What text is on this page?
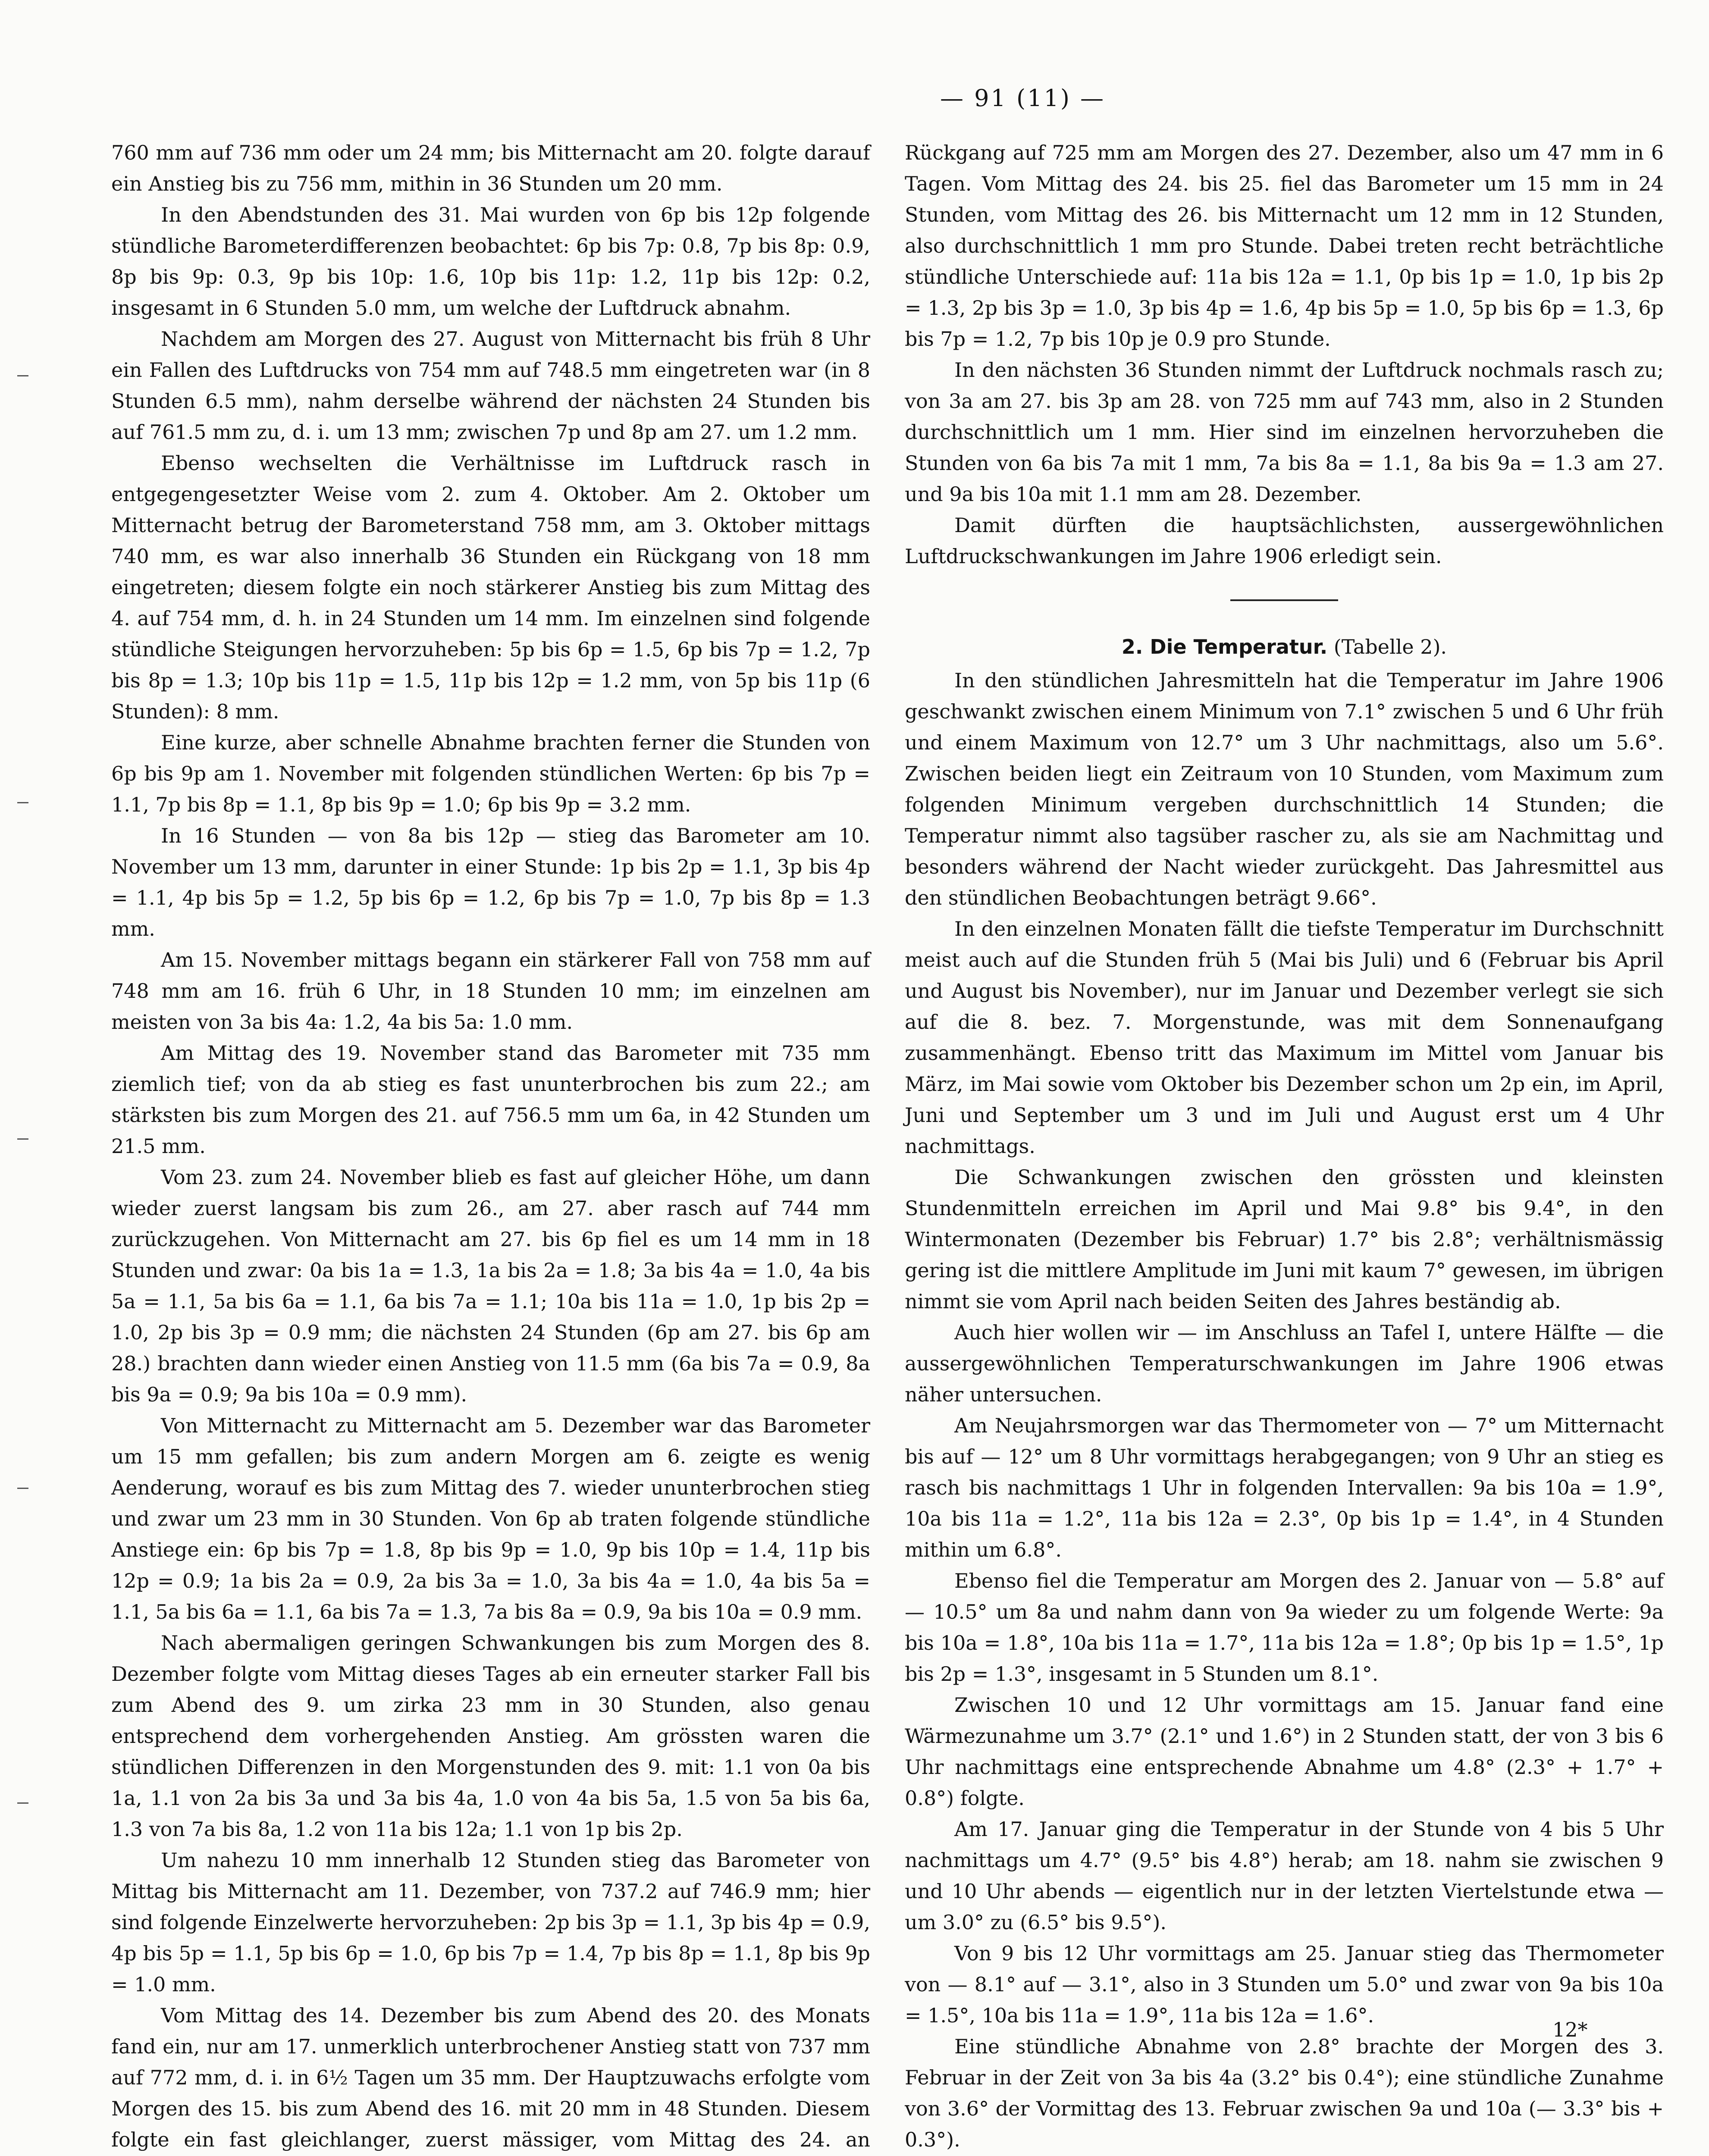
— 91 (11) —

760 mm auf 736 mm oder um 24 mm; bis Mitternacht am 20. folgte darauf ein Anstieg bis zu 756 mm, mithin in 36 Stunden um 20 mm.

In den Abendstunden des 31. Mai wurden von 6p bis 12p folgende stündliche Barometerdifferenzen beobachtet: 6p bis 7p: 0.8, 7p bis 8p: 0.9, 8p bis 9p: 0.3, 9p bis 10p: 1.6, 10p bis 11p: 1.2, 11p bis 12p: 0.2, insgesamt in 6 Stunden 5.0 mm, um welche der Luftdruck abnahm.

Nachdem am Morgen des 27. August von Mitternacht bis früh 8 Uhr ein Fallen des Luftdrucks von 754 mm auf 748.5 mm eingetreten war (in 8 Stunden 6.5 mm), nahm derselbe während der nächsten 24 Stunden bis auf 761.5 mm zu, d. i. um 13 mm; zwischen 7p und 8p am 27. um 1.2 mm.

Ebenso wechselten die Verhältnisse im Luftdruck rasch in entgegengesetzter Weise vom 2. zum 4. Oktober. Am 2. Oktober um Mitternacht betrug der Barometerstand 758 mm, am 3. Oktober mittags 740 mm, es war also innerhalb 36 Stunden ein Rückgang von 18 mm eingetreten; diesem folgte ein noch stärkerer Anstieg bis zum Mittag des 4. auf 754 mm, d. h. in 24 Stunden um 14 mm. Im einzelnen sind folgende stündliche Steigungen hervorzuheben: 5p bis 6p = 1.5, 6p bis 7p = 1.2, 7p bis 8p = 1.3; 10p bis 11p = 1.5, 11p bis 12p = 1.2 mm, von 5p bis 11p (6 Stunden): 8 mm.

Eine kurze, aber schnelle Abnahme brachten ferner die Stunden von 6p bis 9p am 1. November mit folgenden stündlichen Werten: 6p bis 7p = 1.1, 7p bis 8p = 1.1, 8p bis 9p = 1.0; 6p bis 9p = 3.2 mm.

In 16 Stunden — von 8a bis 12p — stieg das Barometer am 10. November um 13 mm, darunter in einer Stunde: 1p bis 2p = 1.1, 3p bis 4p = 1.1, 4p bis 5p = 1.2, 5p bis 6p = 1.2, 6p bis 7p = 1.0, 7p bis 8p = 1.3 mm.

Am 15. November mittags begann ein stärkerer Fall von 758 mm auf 748 mm am 16. früh 6 Uhr, in 18 Stunden 10 mm; im einzelnen am meisten von 3a bis 4a: 1.2, 4a bis 5a: 1.0 mm.

Am Mittag des 19. November stand das Barometer mit 735 mm ziemlich tief; von da ab stieg es fast ununterbrochen bis zum 22.; am stärksten bis zum Morgen des 21. auf 756.5 mm um 6a, in 42 Stunden um 21.5 mm.

Vom 23. zum 24. November blieb es fast auf gleicher Höhe, um dann wieder zuerst langsam bis zum 26., am 27. aber rasch auf 744 mm zurückzugehen. Von Mitternacht am 27. bis 6p fiel es um 14 mm in 18 Stunden und zwar: 0a bis 1a = 1.3, 1a bis 2a = 1.8; 3a bis 4a = 1.0, 4a bis 5a = 1.1, 5a bis 6a = 1.1, 6a bis 7a = 1.1; 10a bis 11a = 1.0, 1p bis 2p = 1.0, 2p bis 3p = 0.9 mm; die nächsten 24 Stunden (6p am 27. bis 6p am 28.) brachten dann wieder einen Anstieg von 11.5 mm (6a bis 7a = 0.9, 8a bis 9a = 0.9; 9a bis 10a = 0.9 mm).

Von Mitternacht zu Mitternacht am 5. Dezember war das Barometer um 15 mm gefallen; bis zum andern Morgen am 6. zeigte es wenig Aenderung, worauf es bis zum Mittag des 7. wieder ununterbrochen stieg und zwar um 23 mm in 30 Stunden. Von 6p ab traten folgende stündliche Anstiege ein: 6p bis 7p = 1.8, 8p bis 9p = 1.0, 9p bis 10p = 1.4, 11p bis 12p = 0.9; 1a bis 2a = 0.9, 2a bis 3a = 1.0, 3a bis 4a = 1.0, 4a bis 5a = 1.1, 5a bis 6a = 1.1, 6a bis 7a = 1.3, 7a bis 8a = 0.9, 9a bis 10a = 0.9 mm.

Nach abermaligen geringen Schwankungen bis zum Morgen des 8. Dezember folgte vom Mittag dieses Tages ab ein erneuter starker Fall bis zum Abend des 9. um zirka 23 mm in 30 Stunden, also genau entsprechend dem vorhergehenden Anstieg. Am grössten waren die stündlichen Differenzen in den Morgenstunden des 9. mit: 1.1 von 0a bis 1a, 1.1 von 2a bis 3a und 3a bis 4a, 1.0 von 4a bis 5a, 1.5 von 5a bis 6a, 1.3 von 7a bis 8a, 1.2 von 11a bis 12a; 1.1 von 1p bis 2p.

Um nahezu 10 mm innerhalb 12 Stunden stieg das Barometer von Mittag bis Mitternacht am 11. Dezember, von 737.2 auf 746.9 mm; hier sind folgende Einzelwerte hervorzuheben: 2p bis 3p = 1.1, 3p bis 4p = 0.9, 4p bis 5p = 1.1, 5p bis 6p = 1.0, 6p bis 7p = 1.4, 7p bis 8p = 1.1, 8p bis 9p = 1.0 mm.

Vom Mittag des 14. Dezember bis zum Abend des 20. des Monats fand ein, nur am 17. unmerklich unterbrochener Anstieg statt von 737 mm auf 772 mm, d. i. in 6½ Tagen um 35 mm. Der Hauptzuwachs erfolgte vom Morgen des 15. bis zum Abend des 16. mit 20 mm in 48 Stunden. Diesem folgte ein fast gleichlanger, zuerst mässiger, vom Mittag des 24. an

Rückgang auf 725 mm am Morgen des 27. Dezember, also um 47 mm in 6 Tagen. Vom Mittag des 24. bis 25. fiel das Barometer um 15 mm in 24 Stunden, vom Mittag des 26. bis Mitternacht um 12 mm in 12 Stunden, also durchschnittlich 1 mm pro Stunde. Dabei treten recht beträchtliche stündliche Unterschiede auf: 11a bis 12a = 1.1, 0p bis 1p = 1.0, 1p bis 2p = 1.3, 2p bis 3p = 1.0, 3p bis 4p = 1.6, 4p bis 5p = 1.0, 5p bis 6p = 1.3, 6p bis 7p = 1.2, 7p bis 10p je 0.9 pro Stunde.

In den nächsten 36 Stunden nimmt der Luftdruck nochmals rasch zu; von 3a am 27. bis 3p am 28. von 725 mm auf 743 mm, also in 2 Stunden durchschnittlich um 1 mm. Hier sind im einzelnen hervorzuheben die Stunden von 6a bis 7a mit 1 mm, 7a bis 8a = 1.1, 8a bis 9a = 1.3 am 27. und 9a bis 10a mit 1.1 mm am 28. Dezember.

Damit dürften die hauptsächlichsten, aussergewöhnlichen Luftdruckschwankungen im Jahre 1906 erledigt sein.

2. Die Temperatur. (Tabelle 2).

In den stündlichen Jahresmitteln hat die Temperatur im Jahre 1906 geschwankt zwischen einem Minimum von 7.1° zwischen 5 und 6 Uhr früh und einem Maximum von 12.7° um 3 Uhr nachmittags, also um 5.6°. Zwischen beiden liegt ein Zeitraum von 10 Stunden, vom Maximum zum folgenden Minimum vergeben durchschnittlich 14 Stunden; die Temperatur nimmt also tagsüber rascher zu, als sie am Nachmittag und besonders während der Nacht wieder zurückgeht. Das Jahresmittel aus den stündlichen Beobachtungen beträgt 9.66°.

In den einzelnen Monaten fällt die tiefste Temperatur im Durchschnitt meist auch auf die Stunden früh 5 (Mai bis Juli) und 6 (Februar bis April und August bis November), nur im Januar und Dezember verlegt sie sich auf die 8. bez. 7. Morgenstunde, was mit dem Sonnenaufgang zusammenhängt. Ebenso tritt das Maximum im Mittel vom Januar bis März, im Mai sowie vom Oktober bis Dezember schon um 2p ein, im April, Juni und September um 3 und im Juli und August erst um 4 Uhr nachmittags.

Die Schwankungen zwischen den grössten und kleinsten Stundenmitteln erreichen im April und Mai 9.8° bis 9.4°, in den Wintermonaten (Dezember bis Februar) 1.7° bis 2.8°; verhältnismässig gering ist die mittlere Amplitude im Juni mit kaum 7° gewesen, im übrigen nimmt sie vom April nach beiden Seiten des Jahres beständig ab.

Auch hier wollen wir — im Anschluss an Tafel I, untere Hälfte — die aussergewöhnlichen Temperaturschwankungen im Jahre 1906 etwas näher untersuchen.

Am Neujahrsmorgen war das Thermometer von — 7° um Mitternacht bis auf — 12° um 8 Uhr vormittags herabgegangen; von 9 Uhr an stieg es rasch bis nachmittags 1 Uhr in folgenden Intervallen: 9a bis 10a = 1.9°, 10a bis 11a = 1.2°, 11a bis 12a = 2.3°, 0p bis 1p = 1.4°, in 4 Stunden mithin um 6.8°.

Ebenso fiel die Temperatur am Morgen des 2. Januar von — 5.8° auf — 10.5° um 8a und nahm dann von 9a wieder zu um folgende Werte: 9a bis 10a = 1.8°, 10a bis 11a = 1.7°, 11a bis 12a = 1.8°; 0p bis 1p = 1.5°, 1p bis 2p = 1.3°, insgesamt in 5 Stunden um 8.1°.

Zwischen 10 und 12 Uhr vormittags am 15. Januar fand eine Wärmezunahme um 3.7° (2.1° und 1.6°) in 2 Stunden statt, der von 3 bis 6 Uhr nachmittags eine entsprechende Abnahme um 4.8° (2.3° + 1.7° + 0.8°) folgte.

Am 17. Januar ging die Temperatur in der Stunde von 4 bis 5 Uhr nachmittags um 4.7° (9.5° bis 4.8°) herab; am 18. nahm sie zwischen 9 und 10 Uhr abends — eigentlich nur in der letzten Viertelstunde etwa — um 3.0° zu (6.5° bis 9.5°).

Von 9 bis 12 Uhr vormittags am 25. Januar stieg das Thermometer von — 8.1° auf — 3.1°, also in 3 Stunden um 5.0° und zwar von 9a bis 10a = 1.5°, 10a bis 11a = 1.9°, 11a bis 12a = 1.6°.

Eine stündliche Abnahme von 2.8° brachte der Morgen des 3. Februar in der Zeit von 3a bis 4a (3.2° bis 0.4°); eine stündliche Zunahme von 3.6° der Vormittag des 13. Februar zwischen 9a und 10a (— 3.3° bis + 0.3°).

12*
